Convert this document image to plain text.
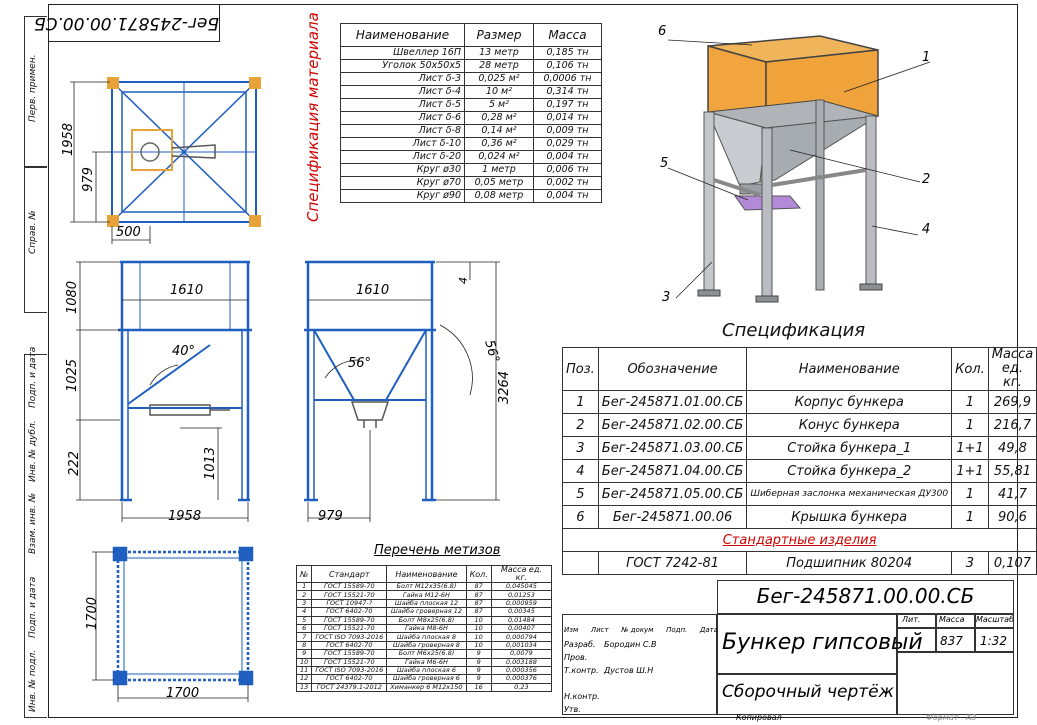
Бег-245871.00.00.СБ
Перв. примен.
Справ. №
Подп. и дата
Инв. № дубл.
Взам. инв. №
Подп. и дата
Инв. № подл.
1958
979
500
1610	1610
1080
1025
222	1013
40°
56°	56°
3264
4
1958	979
1700
1700
6
1
5
2
4
3
Спецификация материала	Наименование	Размер	Масса
Швеллер 16П	13 метр	0,185 тн
Уголок 50х50х5	28 метр	0,106 тн
Лист δ-3	0,025 м²	0,0006 тн
Лист δ-4	10 м²	0,314 тн
Лист δ-5	5 м²	0,197 тн
Лист δ-6	0,28 м²	0,014 тн
Лист δ-8	0,14 м²	0,009 тн
Лист δ-10	0,36 м²	0,029 тн
Лист δ-20	0,024 м²	0,004 тн
Круг ø30	1 метр	0,006 тн
Круг ø70	0,05 метр	0,002 тн
Круг ø90	0,08 метр	0,004 тн
Спецификация
Поз.	Обозначение	Наименование	Кол.	Масса ед. кг.
1	Бег-245871.01.00.СБ	Корпус бункера	1	269,9
2	Бег-245871.02.00.СБ	Конус бункера	1	216,7
3	Бег-245871.03.00.СБ	Стойка бункера_1	1+1	49,8
4	Бег-245871.04.00.СБ	Стойка бункера_2	1+1	55,81
5	Бег-245871.05.00.СБ	Шиберная заслонка механическая ДУ300	1	41,7
6	Бег-245871.00.06	Крышка бункера	1	90,6
Стандартные изделия				
	ГОСТ 7242-81	Подшипник 80204	3	0,107
Перечень метизов
№	Стандарт	Наименование	Кол.	Масса ед. кг.
1	ГОСТ 15589-70	Болт М12х35(6.8)	87	0,045045
2	ГОСТ 15521-70	Гайка М12-6Н	87	0,01253
3	ГОСТ 10947-?	Шайба плоская 12	87	0,000959
4	ГОСТ 6402-70	Шайба гроверная 12	87	0,00345
5	ГОСТ 15589-70	Болт М8х25(6.8)	10	0,01484
6	ГОСТ 15521-70	Гайка М8-6Н	10	0,00407
7	ГОСТ ISO 7093-2016	Шайба плоская 8	10	0,000794
8	ГОСТ 6402-70	Шайба гроверная 8	10	0,001034
9	ГОСТ 15589-70	Болт М6х25(6.8)	9	0,0079
10	ГОСТ 15521-70	Гайка М6-6Н	9	0,003188
11	ГОСТ ISO 7093-2016	Шайба плоская 6	9	0,000356
12	ГОСТ 6402-70	Шайба гроверная 6	9	0,000376
13	ГОСТ 24379.1-2012	Химанкер 6 М12х150	16	0,23
Бег-245871.00.00.СБ
Изм Лист № докум Подп. Дата
Разраб.
Пров.
Т.контр.
Н.контр.
Утв.
Бородин С.В
Дустов Ш.Н
Бункер гипсовый
Сборочный чертёж
Лит. Масса Масштаб
837 1:32
Копировал	Формат А3
